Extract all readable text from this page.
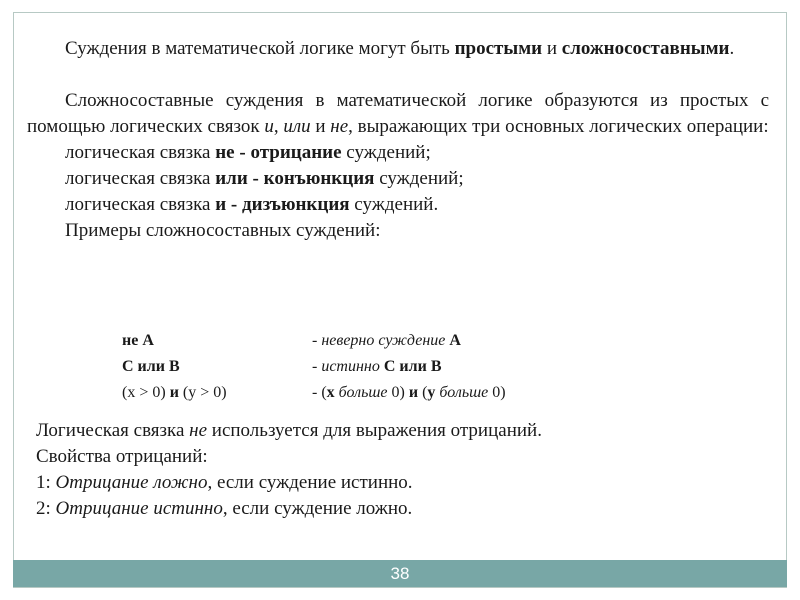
Суждения в математической логике могут быть простыми и сложносоставными.

Сложносоставные суждения в математической логике образуются из простых с помощью логических связок и, или и не, выражающих три основных логических операции:

логическая связка не - отрицание суждений;

логическая связка или - конъюнкция суждений;

логическая связка и - дизъюнкция суждений.

Примеры сложносоставных суждений:

не А	- неверно суждение А
С или В	- истинно С или В
(x > 0) и (y > 0)	- (x больше 0) и (y больше 0)

Логическая связка не используется для выражения отрицаний.

Свойства отрицаний:

1: Отрицание ложно, если суждение истинно.

2: Отрицание истинно, если суждение ложно.

38
